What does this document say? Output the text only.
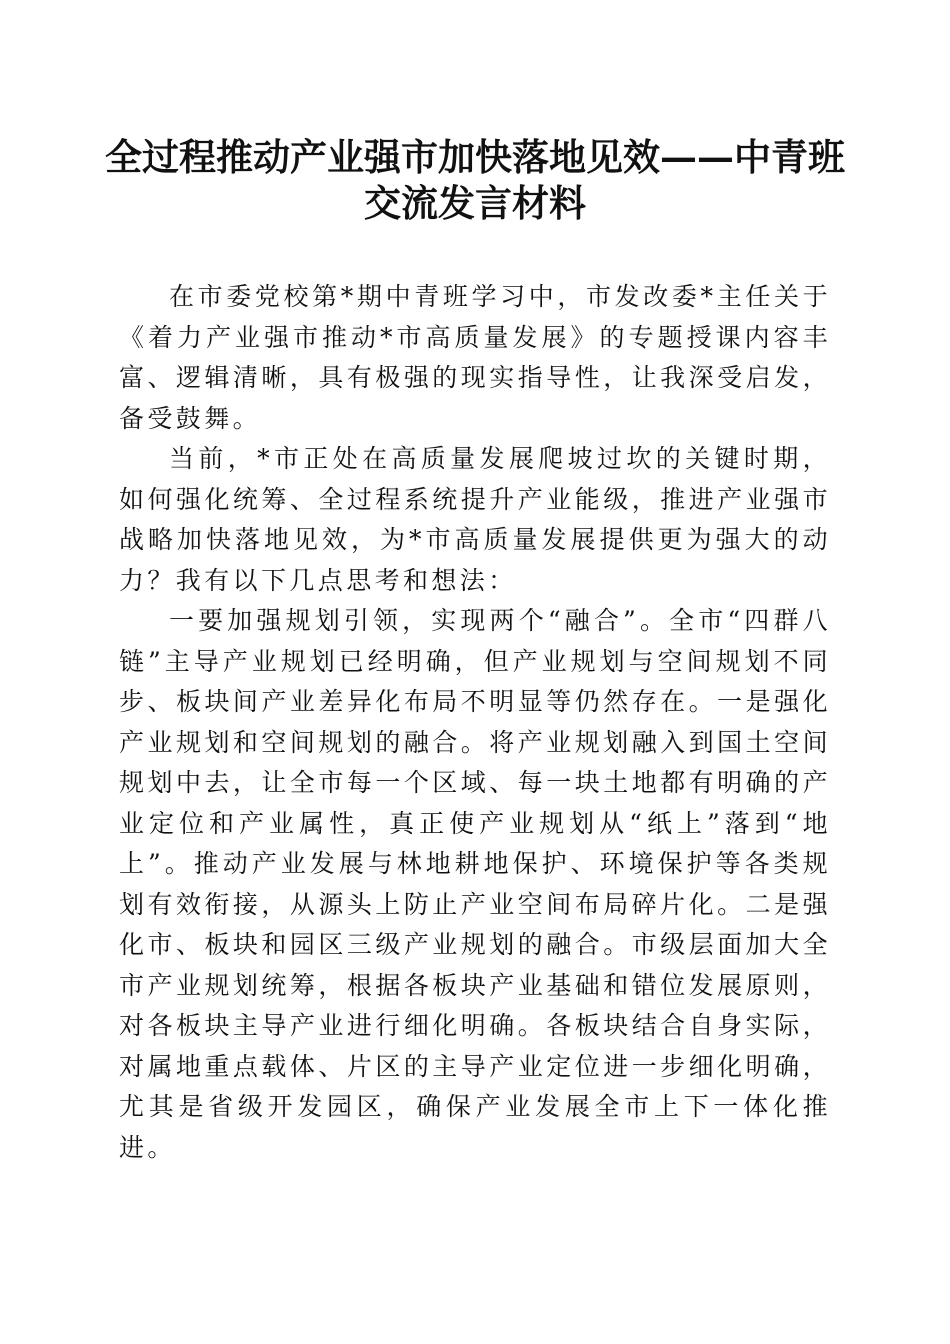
全过程推动产业强市加快落地见效——中青班
交流发言材料

在市委党校第*期中青班学习中，市发改委*主任关于《着力产业强市推动*市高质量发展》的专题授课内容丰富、逻辑清晰，具有极强的现实指导性，让我深受启发，备受鼓舞。

当前，*市正处在高质量发展爬坡过坎的关键时期，如何强化统筹、全过程系统提升产业能级，推进产业强市战略加快落地见效，为*市高质量发展提供更为强大的动力？我有以下几点思考和想法：

一要加强规划引领，实现两个“融合”。全市“四群八链”主导产业规划已经明确，但产业规划与空间规划不同步、板块间产业差异化布局不明显等仍然存在。一是强化产业规划和空间规划的融合。将产业规划融入到国土空间规划中去，让全市每一个区域、每一块土地都有明确的产业定位和产业属性，真正使产业规划从“纸上”落到“地上”。推动产业发展与林地耕地保护、环境保护等各类规划有效衔接，从源头上防止产业空间布局碎片化。二是强化市、板块和园区三级产业规划的融合。市级层面加大全市产业规划统筹，根据各板块产业基础和错位发展原则，对各板块主导产业进行细化明确。各板块结合自身实际，对属地重点载体、片区的主导产业定位进一步细化明确，尤其是省级开发园区，确保产业发展全市上下一体化推进。
